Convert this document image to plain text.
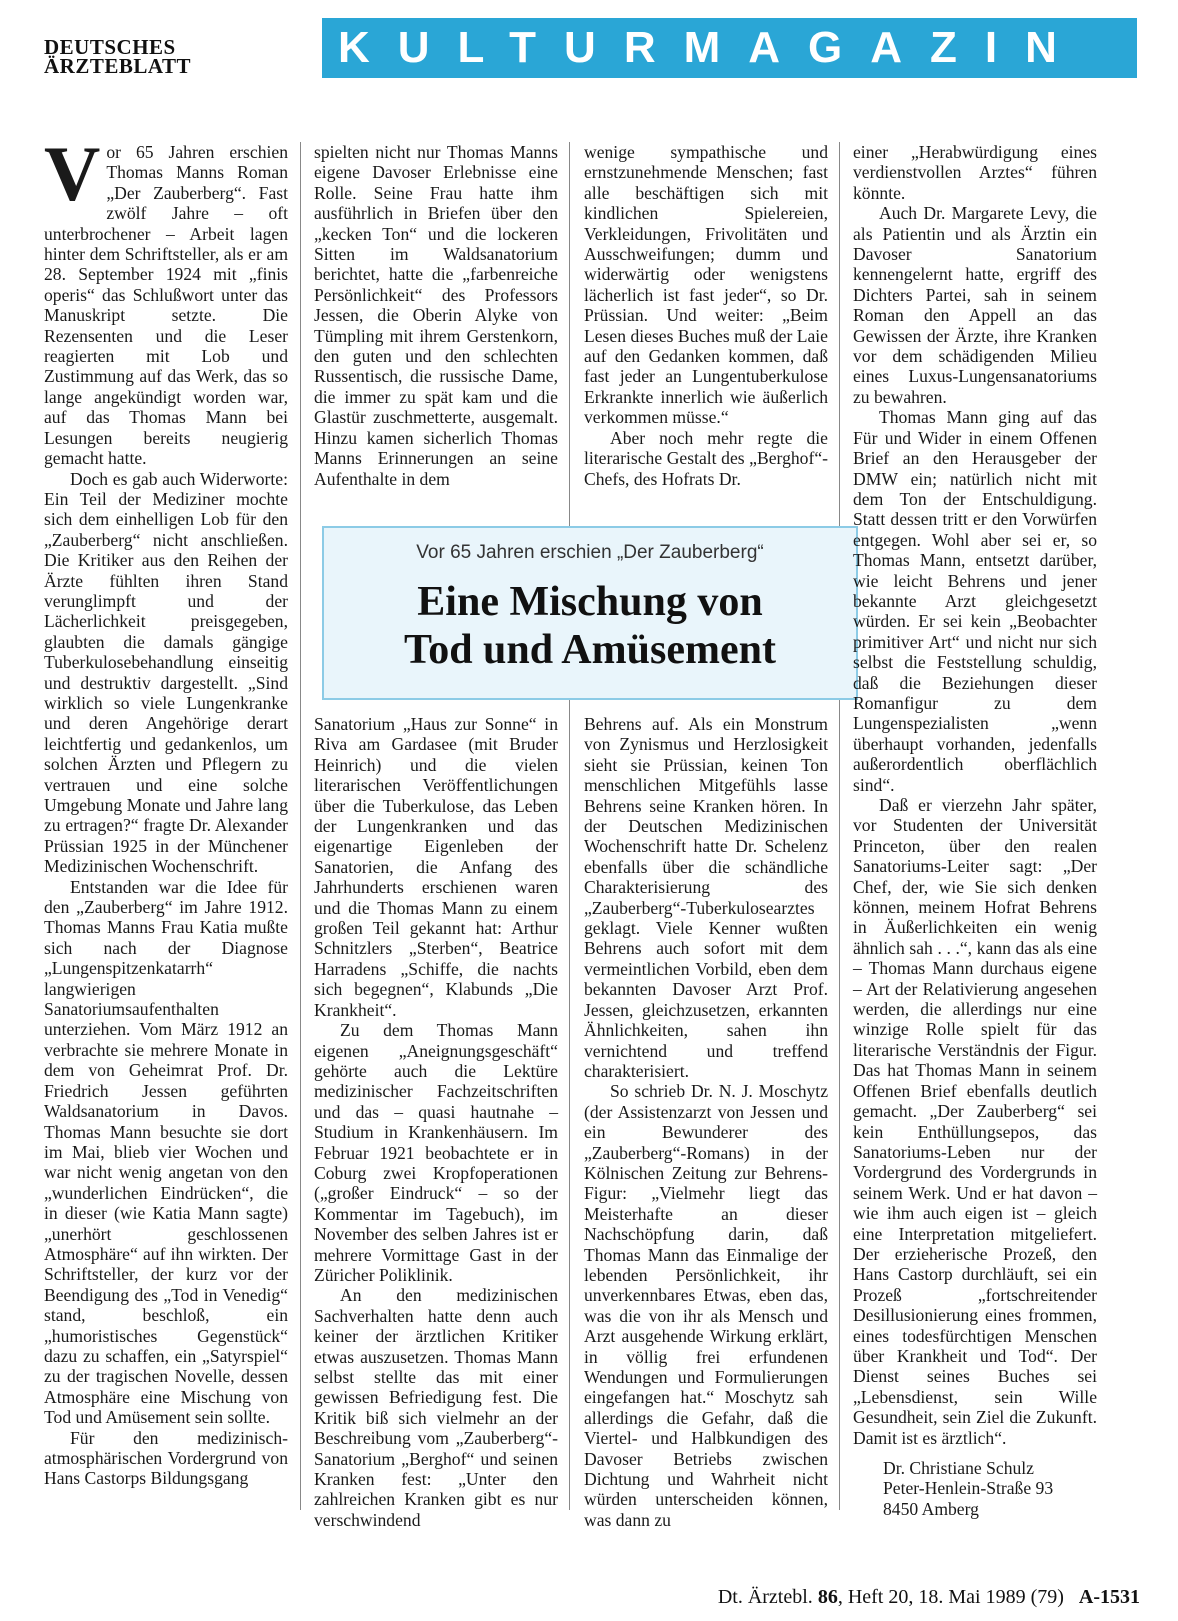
DEUTSCHES
ÄRZTEBLATT	KULTURMAGAZIN

Vor 65 Jahren erschien Thomas Manns Roman „Der Zauberberg“. Fast zwölf Jahre – oft unterbrochener – Arbeit lagen hinter dem Schriftsteller, als er am 28. September 1924 mit „finis operis“ das Schlußwort unter das Manuskript setzte. Die Rezensenten und die Leser reagierten mit Lob und Zustimmung auf das Werk, das so lange angekündigt worden war, auf das Thomas Mann bei Lesungen bereits neugierig gemacht hatte.

Doch es gab auch Widerworte: Ein Teil der Mediziner mochte sich dem einhelligen Lob für den „Zauberberg“ nicht anschließen. Die Kritiker aus den Reihen der Ärzte fühlten ihren Stand verunglimpft und der Lächerlichkeit preisgegeben, glaubten die damals gängige Tuberkulosebehandlung einseitig und destruktiv dargestellt. „Sind wirklich so viele Lungenkranke und deren Angehörige derart leichtfertig und gedankenlos, um solchen Ärzten und Pflegern zu vertrauen und eine solche Umgebung Monate und Jahre lang zu ertragen?“ fragte Dr. Alexander Prüssian 1925 in der Münchener Medizinischen Wochenschrift.

Entstanden war die Idee für den „Zauberberg“ im Jahre 1912. Thomas Manns Frau Katia mußte sich nach der Diagnose „Lungenspitzenkatarrh“ langwierigen Sanatoriumsaufenthalten unterziehen. Vom März 1912 an verbrachte sie mehrere Monate in dem von Geheimrat Prof. Dr. Friedrich Jessen geführten Waldsanatorium in Davos. Thomas Mann besuchte sie dort im Mai, blieb vier Wochen und war nicht wenig angetan von den „wunderlichen Eindrücken“, die in dieser (wie Katia Mann sagte) „unerhört geschlossenen Atmosphäre“ auf ihn wirkten. Der Schriftsteller, der kurz vor der Beendigung des „Tod in Venedig“ stand, beschloß, ein „humoristisches Gegenstück“ dazu zu schaffen, ein „Satyrspiel“ zu der tragischen Novelle, dessen Atmosphäre eine Mischung von Tod und Amüsement sein sollte.

Für den medizinisch-atmosphärischen Vordergrund von Hans Castorps Bildungsgang

spielten nicht nur Thomas Manns eigene Davoser Erlebnisse eine Rolle. Seine Frau hatte ihm ausführlich in Briefen über den „kecken Ton“ und die lockeren Sitten im Waldsanatorium berichtet, hatte die „farbenreiche Persönlichkeit“ des Professors Jessen, die Oberin Alyke von Tümpling mit ihrem Gerstenkorn, den guten und den schlechten Russentisch, die russische Dame, die immer zu spät kam und die Glastür zuschmetterte, ausgemalt. Hinzu kamen sicherlich Thomas Manns Erinnerungen an seine Aufenthalte in dem

wenige sympathische und ernstzunehmende Menschen; fast alle beschäftigen sich mit kindlichen Spielereien, Verkleidungen, Frivolitäten und Ausschweifungen; dumm und widerwärtig oder wenigstens lächerlich ist fast jeder“, so Dr. Prüssian. Und weiter: „Beim Lesen dieses Buches muß der Laie auf den Gedanken kommen, daß fast jeder an Lungentuberkulose Erkrankte innerlich wie äußerlich verkommen müsse.“

Aber noch mehr regte die literarische Gestalt des „Berghof“-Chefs, des Hofrats Dr.

Vor 65 Jahren erschien „Der Zauberberg“
Eine Mischung von
Tod und Amüsement

Sanatorium „Haus zur Sonne“ in Riva am Gardasee (mit Bruder Heinrich) und die vielen literarischen Veröffentlichungen über die Tuberkulose, das Leben der Lungenkranken und das eigenartige Eigenleben der Sanatorien, die Anfang des Jahrhunderts erschienen waren und die Thomas Mann zu einem großen Teil gekannt hat: Arthur Schnitzlers „Sterben“, Beatrice Harradens „Schiffe, die nachts sich begegnen“, Klabunds „Die Krankheit“.

Zu dem Thomas Mann eigenen „Aneignungsgeschäft“ gehörte auch die Lektüre medizinischer Fachzeitschriften und das – quasi hautnahe – Studium in Krankenhäusern. Im Februar 1921 beobachtete er in Coburg zwei Kropfoperationen („großer Eindruck“ – so der Kommentar im Tagebuch), im November des selben Jahres ist er mehrere Vormittage Gast in der Züricher Poliklinik.

An den medizinischen Sachverhalten hatte denn auch keiner der ärztlichen Kritiker etwas auszusetzen. Thomas Mann selbst stellte das mit einer gewissen Befriedigung fest. Die Kritik biß sich vielmehr an der Beschreibung vom „Zauberberg“-Sanatorium „Berghof“ und seinen Kranken fest: „Unter den zahlreichen Kranken gibt es nur verschwindend

Behrens auf. Als ein Monstrum von Zynismus und Herzlosigkeit sieht sie Prüssian, keinen Ton menschlichen Mitgefühls lasse Behrens seine Kranken hören. In der Deutschen Medizinischen Wochenschrift hatte Dr. Schelenz ebenfalls über die schändliche Charakterisierung des „Zauberberg“-Tuberkulosearztes geklagt. Viele Kenner wußten Behrens auch sofort mit dem vermeintlichen Vorbild, eben dem bekannten Davoser Arzt Prof. Jessen, gleichzusetzen, erkannten Ähnlichkeiten, sahen ihn vernichtend und treffend charakterisiert.

So schrieb Dr. N. J. Moschytz (der Assistenzarzt von Jessen und ein Bewunderer des „Zauberberg“-Romans) in der Kölnischen Zeitung zur Behrens-Figur: „Vielmehr liegt das Meisterhafte an dieser Nachschöpfung darin, daß Thomas Mann das Einmalige der lebenden Persönlichkeit, ihr unverkennbares Etwas, eben das, was die von ihr als Mensch und Arzt ausgehende Wirkung erklärt, in völlig frei erfundenen Wendungen und Formulierungen eingefangen hat.“ Moschytz sah allerdings die Gefahr, daß die Viertel- und Halbkundigen des Davoser Betriebs zwischen Dichtung und Wahrheit nicht würden unterscheiden können, was dann zu

einer „Herabwürdigung eines verdienstvollen Arztes“ führen könnte.

Auch Dr. Margarete Levy, die als Patientin und als Ärztin ein Davoser Sanatorium kennengelernt hatte, ergriff des Dichters Partei, sah in seinem Roman den Appell an das Gewissen der Ärzte, ihre Kranken vor dem schädigenden Milieu eines Luxus-Lungensanatoriums zu bewahren.

Thomas Mann ging auf das Für und Wider in einem Offenen Brief an den Herausgeber der DMW ein; natürlich nicht mit dem Ton der Entschuldigung. Statt dessen tritt er den Vorwürfen entgegen. Wohl aber sei er, so Thomas Mann, entsetzt darüber, wie leicht Behrens und jener bekannte Arzt gleichgesetzt würden. Er sei kein „Beobachter primitiver Art“ und nicht nur sich selbst die Feststellung schuldig, daß die Beziehungen dieser Romanfigur zu dem Lungenspezialisten „wenn überhaupt vorhanden, jedenfalls außerordentlich oberflächlich sind“.

Daß er vierzehn Jahr später, vor Studenten der Universität Princeton, über den realen Sanatoriums-Leiter sagt: „Der Chef, der, wie Sie sich denken können, meinem Hofrat Behrens in Äußerlichkeiten ein wenig ähnlich sah . . .“, kann das als eine – Thomas Mann durchaus eigene – Art der Relativierung angesehen werden, die allerdings nur eine winzige Rolle spielt für das literarische Verständnis der Figur. Das hat Thomas Mann in seinem Offenen Brief ebenfalls deutlich gemacht. „Der Zauberberg“ sei kein Enthüllungsepos, das Sanatoriums-Leben nur der Vordergrund des Vordergrunds in seinem Werk. Und er hat davon – wie ihm auch eigen ist – gleich eine Interpretation mitgeliefert. Der erzieherische Prozeß, den Hans Castorp durchläuft, sei ein Prozeß „fortschreitender Desillusionierung eines frommen, eines todesfürchtigen Menschen über Krankheit und Tod“. Der Dienst seines Buches sei „Lebensdienst, sein Wille Gesundheit, sein Ziel die Zukunft. Damit ist es ärztlich“.

Dr. Christiane Schulz
Peter-Henlein-Straße 93
8450 Amberg
Dt. Ärztebl. 86, Heft 20, 18. Mai 1989 (79) A-1531
